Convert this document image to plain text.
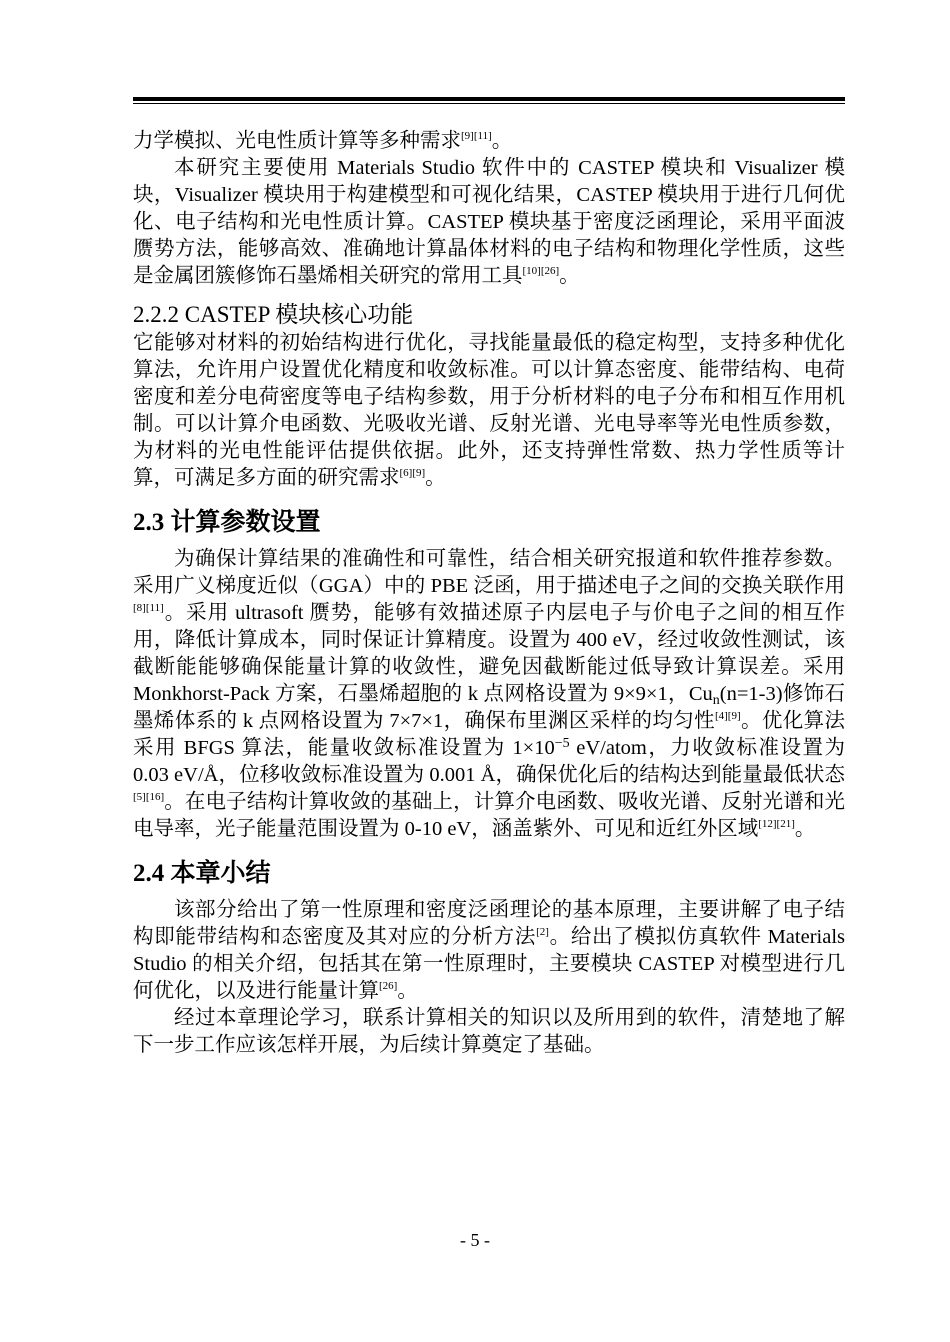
力学模拟、光电性质计算等多种需求[9][11]。

本研究主要使用 Materials Studio 软件中的 CASTEP 模块和 Visualizer 模块，Visualizer 模块用于构建模型和可视化结果，CASTEP 模块用于进行几何优化、电子结构和光电性质计算。CASTEP 模块基于密度泛函理论，采用平面波赝势方法，能够高效、准确地计算晶体材料的电子结构和物理化学性质，这些是金属团簇修饰石墨烯相关研究的常用工具[10][26]。

2.2.2 CASTEP 模块核心功能

它能够对材料的初始结构进行优化，寻找能量最低的稳定构型，支持多种优化算法，允许用户设置优化精度和收敛标准。可以计算态密度、能带结构、电荷密度和差分电荷密度等电子结构参数，用于分析材料的电子分布和相互作用机制。可以计算介电函数、光吸收光谱、反射光谱、光电导率等光电性质参数，为材料的光电性能评估提供依据。此外，还支持弹性常数、热力学性质等计算，可满足多方面的研究需求[6][9]。

2.3 计算参数设置

为确保计算结果的准确性和可靠性，结合相关研究报道和软件推荐参数。采用广义梯度近似（GGA）中的 PBE 泛函，用于描述电子之间的交换关联作用[8][11]。采用 ultrasoft 赝势，能够有效描述原子内层电子与价电子之间的相互作用，降低计算成本，同时保证计算精度。设置为 400 eV，经过收敛性测试，该截断能能够确保能量计算的收敛性，避免因截断能过低导致计算误差。采用 Monkhorst-Pack 方案，石墨烯超胞的 k 点网格设置为 9×9×1，$Cu_n(n=1-3)$修饰石墨烯体系的 k 点网格设置为 7×7×1，确保布里渊区采样的均匀性[4][9]。优化算法采用 BFGS 算法，能量收敛标准设置为 $1\times 10^{-5}$ eV/atom，力收敛标准设置为 0.03 eV/Å，位移收敛标准设置为 0.001 Å，确保优化后的结构达到能量最低状态[5][16]。在电子结构计算收敛的基础上，计算介电函数、吸收光谱、反射光谱和光电导率，光子能量范围设置为 0-10 eV，涵盖紫外、可见和近红外区域[12][21]。

2.4 本章小结

该部分给出了第一性原理和密度泛函理论的基本原理，主要讲解了电子结构即能带结构和态密度及其对应的分析方法[2]。给出了模拟仿真软件 Materials Studio 的相关介绍，包括其在第一性原理时，主要模块 CASTEP 对模型进行几何优化，以及进行能量计算[26]。

经过本章理论学习，联系计算相关的知识以及所用到的软件，清楚地了解下一步工作应该怎样开展，为后续计算奠定了基础。

- 5 -
